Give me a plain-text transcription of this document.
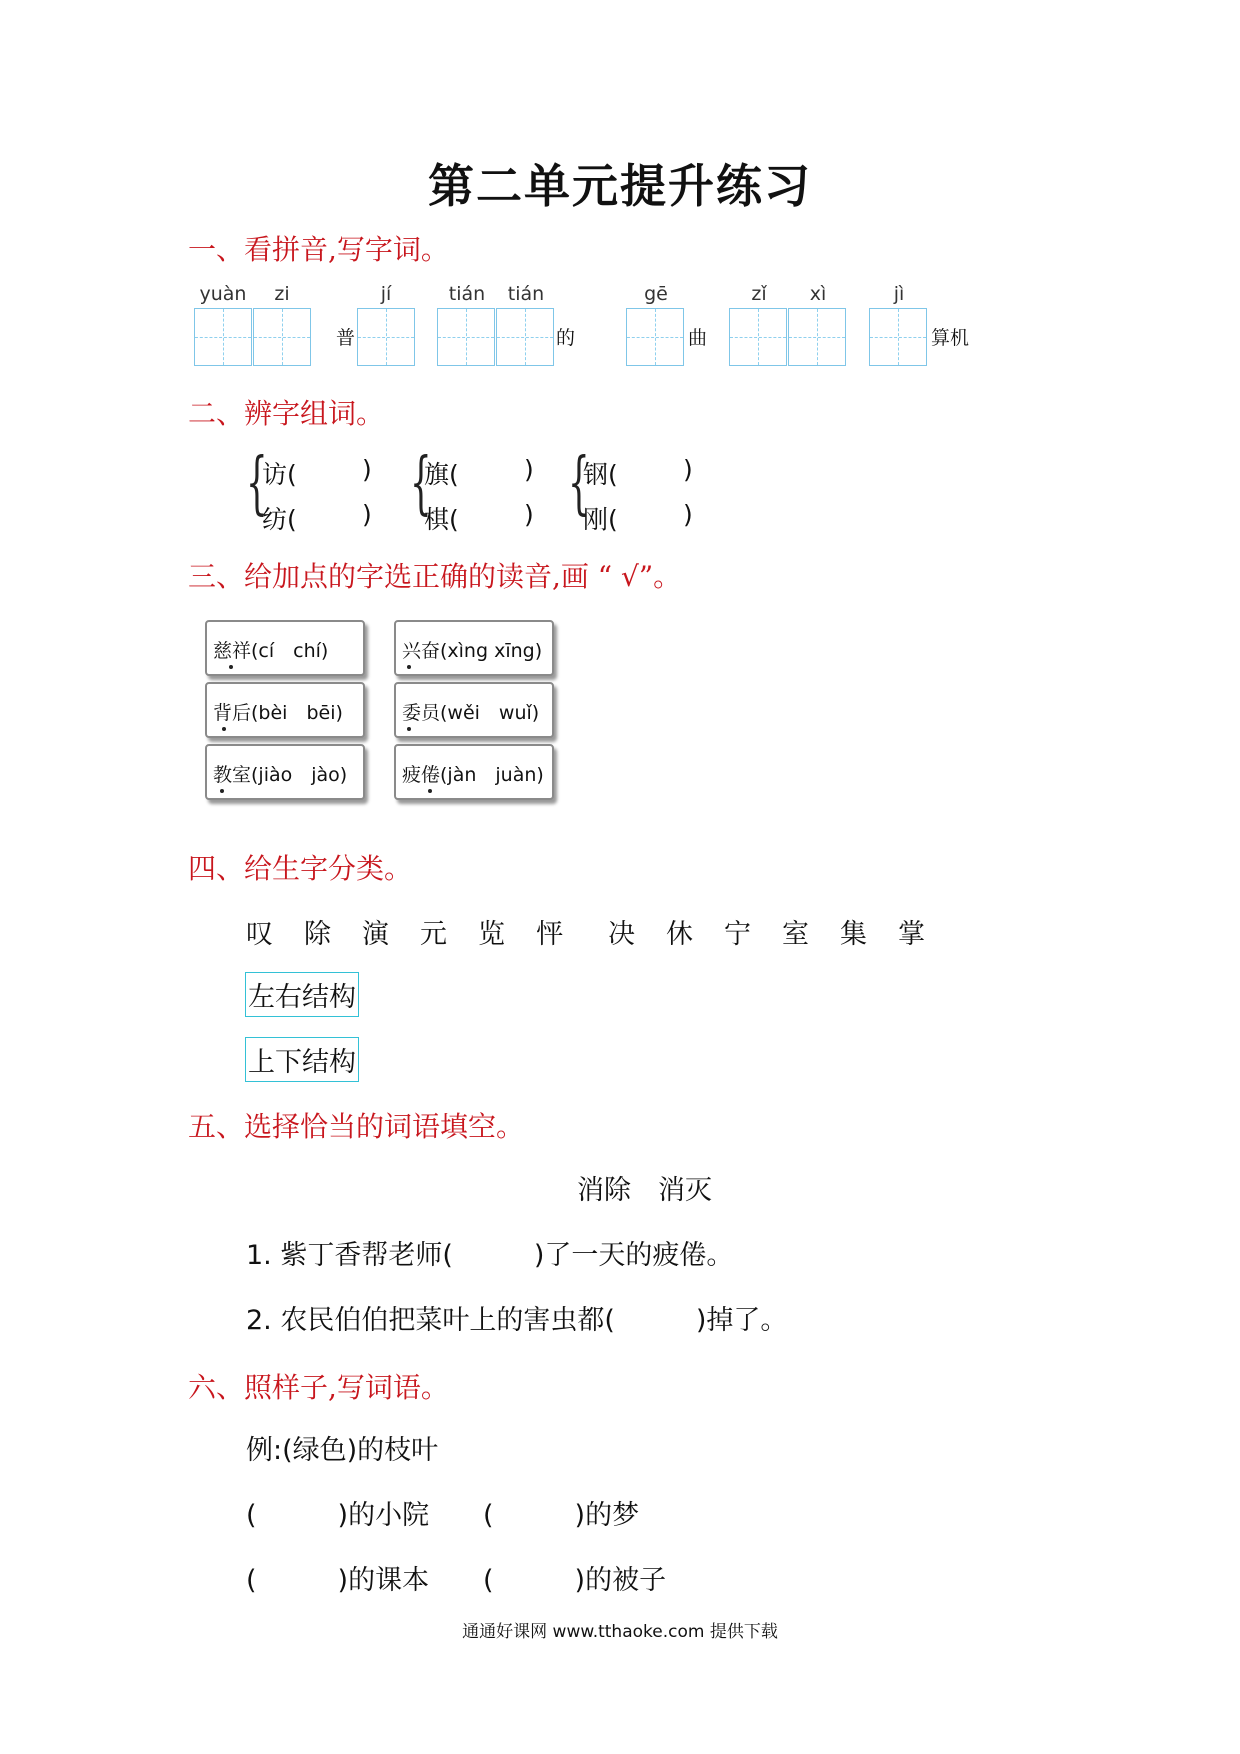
第二单元提升练习
一、看拼音,写字词。
yuàn	zi
普
jí	tián	tián
的
gē
曲
zǐ	xì	jì
算机
二、辨字组词。
{
访(	)
纺(	) {
旗(	)
棋(	) {
钢(	)
刚(	)
三、给加点的字选正确的读音,画 “ √”。
慈祥(cí　chí)	兴奋(xìng xīng)
背后(bèi　bēi)	委员(wěi　wuǐ)
教室(jiào　jào)	疲倦(jàn　juàn)
四、给生字分类。
叹 除 演 元 览 怦 决 休 宁 室 集 掌
左右结构
上下结构
五、选择恰当的词语填空。
消除　消灭
1. 紫丁香帮老师(　　　)了一天的疲倦。
2. 农民伯伯把菜叶上的害虫都(　　　)掉了。
六、照样子,写词语。
例:(绿色)的枝叶
(　　　)的小院 (　　　)的梦
(　　　)的课本 (　　　)的被子
通通好课网 www.tthaoke.com 提供下载
